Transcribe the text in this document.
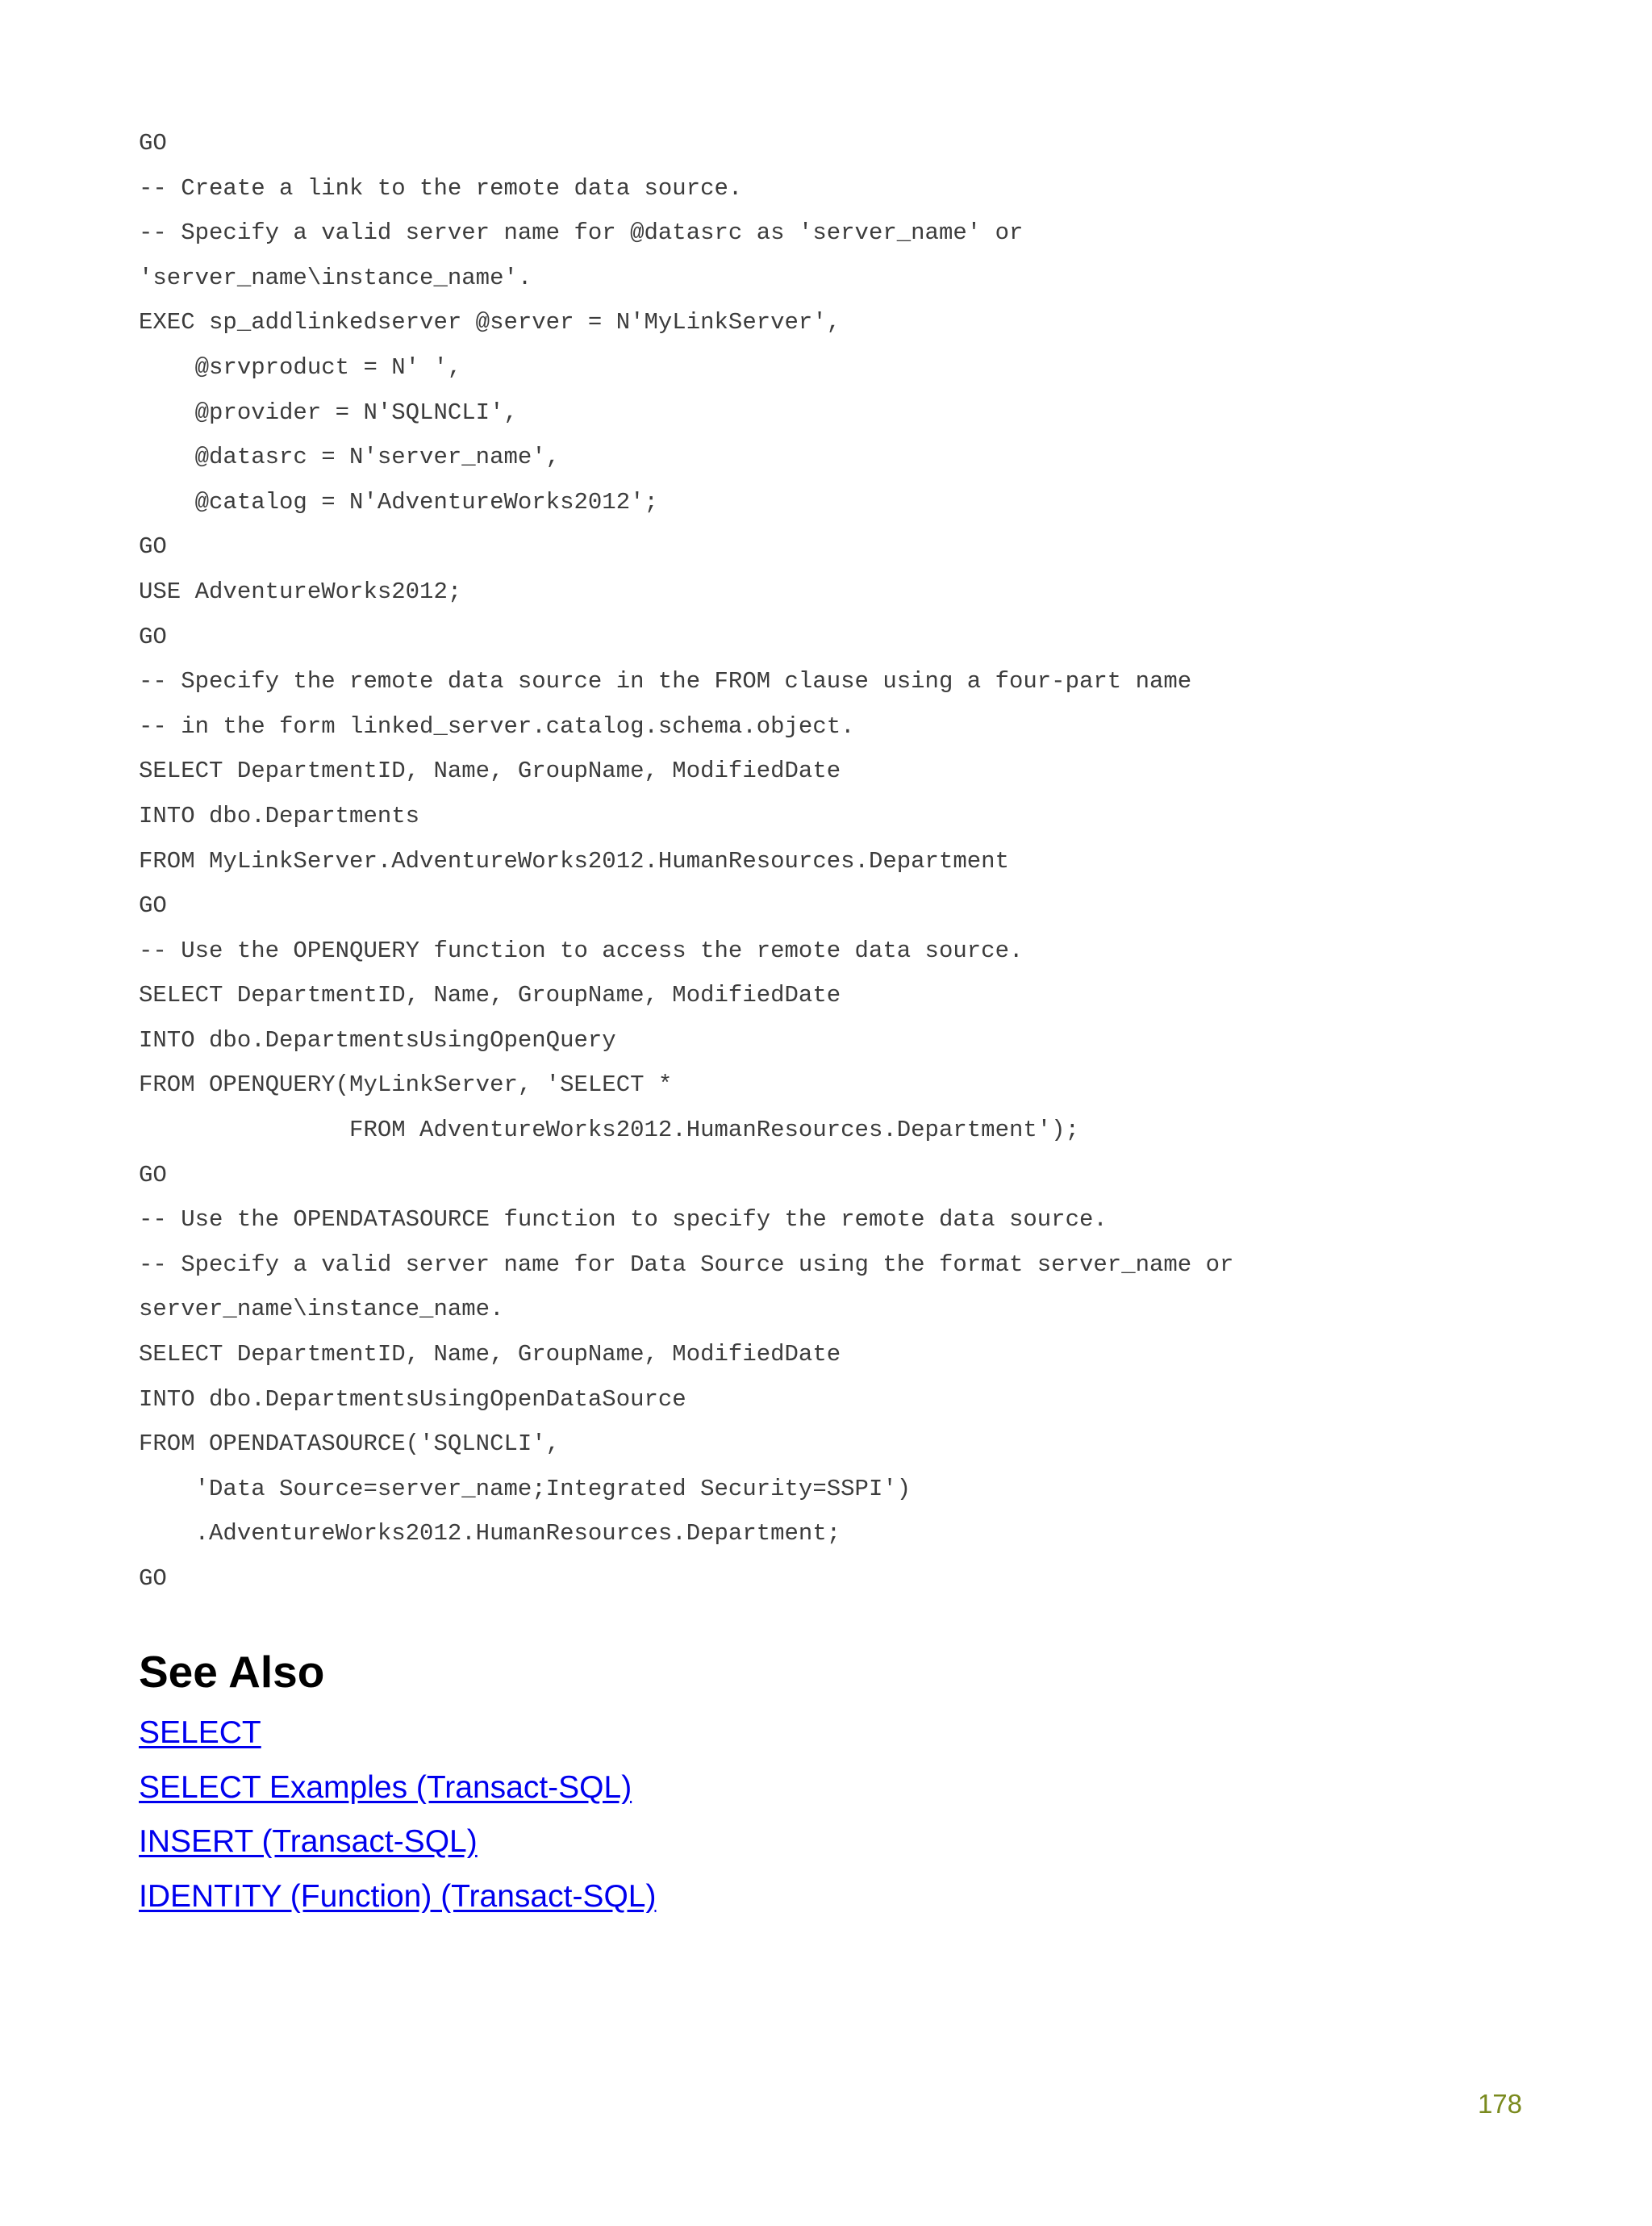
GO
-- Create a link to the remote data source.
-- Specify a valid server name for @datasrc as 'server_name' or
'server_name\instance_name'.
EXEC sp_addlinkedserver @server = N'MyLinkServer',
@srvproduct = N' ',
@provider = N'SQLNCLI',
@datasrc = N'server_name',
@catalog = N'AdventureWorks2012';
GO
USE AdventureWorks2012;
GO
-- Specify the remote data source in the FROM clause using a four-part name
-- in the form linked_server.catalog.schema.object.
SELECT DepartmentID, Name, GroupName, ModifiedDate
INTO dbo.Departments
FROM MyLinkServer.AdventureWorks2012.HumanResources.Department
GO
-- Use the OPENQUERY function to access the remote data source.
SELECT DepartmentID, Name, GroupName, ModifiedDate
INTO dbo.DepartmentsUsingOpenQuery
FROM OPENQUERY(MyLinkServer, 'SELECT *
FROM AdventureWorks2012.HumanResources.Department');
GO
-- Use the OPENDATASOURCE function to specify the remote data source.
-- Specify a valid server name for Data Source using the format server_name or
server_name\instance_name.
SELECT DepartmentID, Name, GroupName, ModifiedDate
INTO dbo.DepartmentsUsingOpenDataSource
FROM OPENDATASOURCE('SQLNCLI',
'Data Source=server_name;Integrated Security=SSPI')
.AdventureWorks2012.HumanResources.Department;
GO
See Also
SELECT
SELECT Examples (Transact-SQL)
INSERT (Transact-SQL)
IDENTITY (Function) (Transact-SQL)
178
